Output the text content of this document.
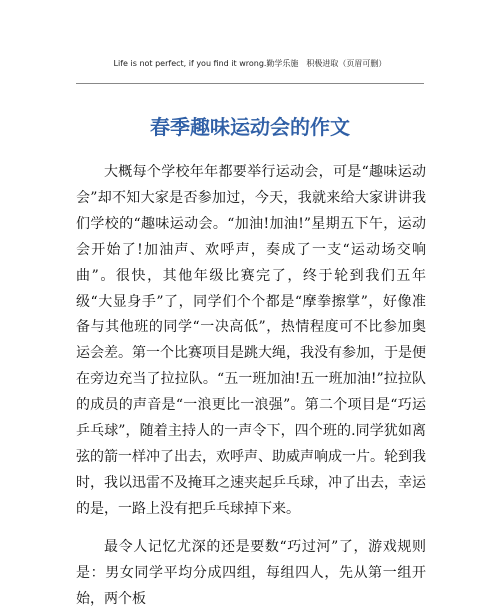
Life is not perfect, if you find it wrong.勤学乐施　积极进取（页眉可删）
春季趣味运动会的作文

大概每个学校年年都要举行运动会，可是“趣味运动会”却不知大家是否参加过，今天，我就来给大家讲讲我们学校的“趣味运动会。“加油!加油!”星期五下午，运动会开始了!加油声、欢呼声，奏成了一支“运动场交响曲”。很快，其他年级比赛完了，终于轮到我们五年级“大显身手”了，同学们个个都是“摩拳擦掌”，好像准备与其他班的同学“一决高低”，热情程度可不比参加奥运会差。第一个比赛项目是跳大绳，我没有参加，于是便在旁边充当了拉拉队。“五一班加油!五一班加油!”拉拉队的成员的声音是“一浪更比一浪强”。第二个项目是“巧运乒乓球”，随着主持人的一声令下，四个班的.同学犹如离弦的箭一样冲了出去，欢呼声、助威声响成一片。轮到我时，我以迅雷不及掩耳之速夹起乒乓球，冲了出去，幸运的是，一路上没有把乒乓球掉下来。

最令人记忆尤深的还是要数“巧过河”了，游戏规则是：男女同学平均分成四组，每组四人，先从第一组开始，两个板
